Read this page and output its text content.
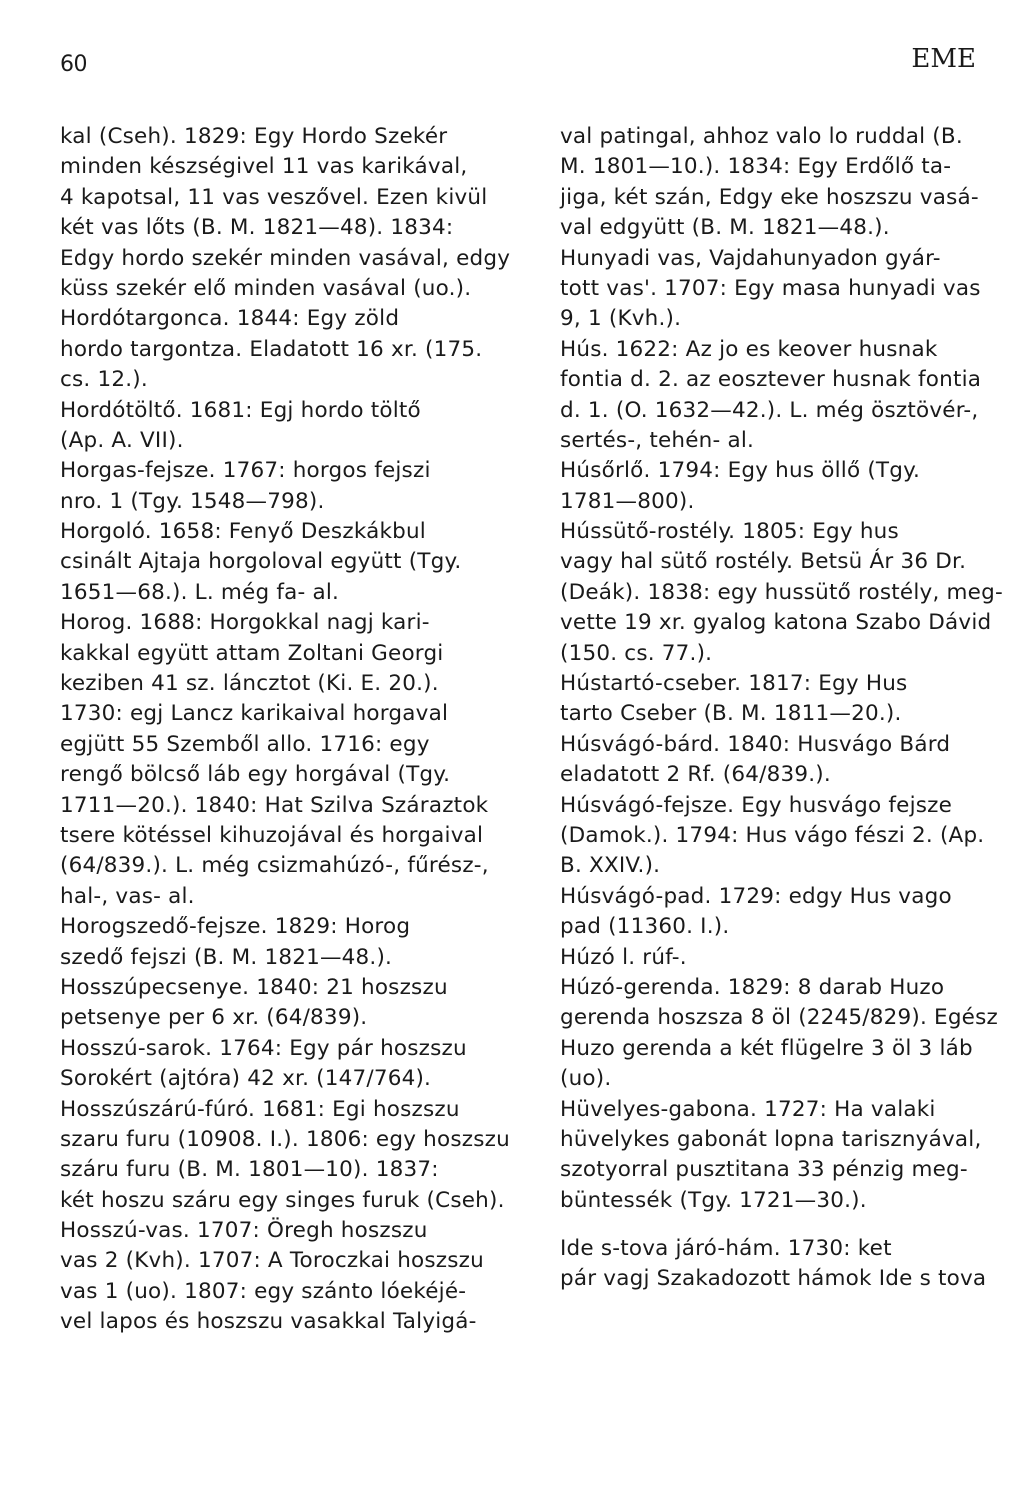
60	EME
kal (Cseh). 1829: Egy Hordo Szekér
minden készségivel 11 vas karikával,
4 kapotsal, 11 vas veszővel. Ezen kivül
két vas lőts (B. M. 1821—48). 1834:
Edgy hordo szekér minden vasával, edgy
küss szekér elő minden vasával (uo.).
Hordótargonca. 1844: Egy zöld
hordo targontza. Eladatott 16 xr. (175.
cs. 12.).
Hordótöltő. 1681: Egj hordo töltő
(Ap. A. VII).
Horgas-fejsze. 1767: horgos fejszi
nro. 1 (Tgy. 1548—798).
Horgoló. 1658: Fenyő Deszkákbul
csinált Ajtaja horgoloval együtt (Tgy.
1651—68.). L. még fa- al.
Horog. 1688: Horgokkal nagj kari-
kakkal együtt attam Zoltani Georgi
keziben 41 sz. láncztot (Ki. E. 20.).
1730: egj Lancz karikaival horgaval
egjütt 55 Szemből allo. 1716: egy
rengő bölcső láb egy horgával (Tgy.
1711—20.). 1840: Hat Szilva Száraztok
tsere kötéssel kihuzojával és horgaival
(64/839.). L. még csizmahúzó-, fűrész-,
hal-, vas- al.
Horogszedő-fejsze. 1829: Horog
szedő fejszi (B. M. 1821—48.).
Hosszúpecsenye. 1840: 21 hoszszu
petsenye per 6 xr. (64/839).
Hosszú-sarok. 1764: Egy pár hoszszu
Sorokért (ajtóra) 42 xr. (147/764).
Hosszúszárú-fúró. 1681: Egi hoszszu
szaru furu (10908. I.). 1806: egy hoszszu
száru furu (B. M. 1801—10). 1837:
két hoszu száru egy singes furuk (Cseh).
Hosszú-vas. 1707: Öregh hoszszu
vas 2 (Kvh). 1707: A Toroczkai hoszszu
vas 1 (uo). 1807: egy szánto lóekéjé-
vel lapos és hoszszu vasakkal Talyigá-
val patingal, ahhoz valo lo ruddal (B.
M. 1801—10.). 1834: Egy Erdőlő ta-
jiga, két szán, Edgy eke hoszszu vasá-
val edgyütt (B. M. 1821—48.).
Hunyadi vas, Vajdahunyadon gyár-
tott vas'. 1707: Egy masa hunyadi vas
9, 1 (Kvh.).
Hús. 1622: Az jo es keover husnak
fontia d. 2. az eosztever husnak fontia
d. 1. (O. 1632—42.). L. még ösztövér-,
sertés-, tehén- al.
Húsőrlő. 1794: Egy hus öllő (Tgy.
1781—800).
Hússütő-rostély. 1805: Egy hus
vagy hal sütő rostély. Betsü Ár 36 Dr.
(Deák). 1838: egy hussütő rostély, meg-
vette 19 xr. gyalog katona Szabo Dávid
(150. cs. 77.).
Hústartó-cseber. 1817: Egy Hus
tarto Cseber (B. M. 1811—20.).
Húsvágó-bárd. 1840: Husvágo Bárd
eladatott 2 Rf. (64/839.).
Húsvágó-fejsze. Egy husvágo fejsze
(Damok.). 1794: Hus vágo fészi 2. (Ap.
B. XXIV.).
Húsvágó-pad. 1729: edgy Hus vago
pad (11360. I.).
Húzó l. rúf-.
Húzó-gerenda. 1829: 8 darab Huzo
gerenda hoszsza 8 öl (2245/829). Egész
Huzo gerenda a két flügelre 3 öl 3 láb
(uo).
Hüvelyes-gabona. 1727: Ha valaki
hüvelykes gabonát lopna tarisznyával,
szotyorral pusztitana 33 pénzig meg-
büntessék (Tgy. 1721—30.).
Ide s-tova járó-hám. 1730: ket
pár vagj Szakadozott hámok Ide s tova
